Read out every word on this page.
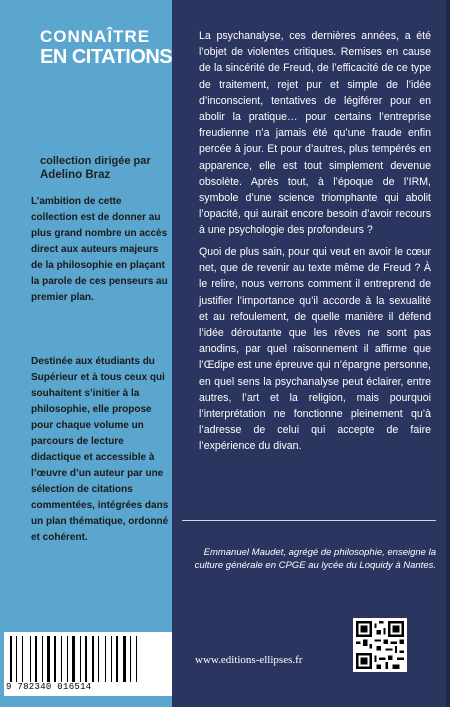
CONNAÎTRE
EN CITATIONS
collection dirigée par
Adelino Braz
L’ambition de cette collection est de donner au plus grand nombre un accès direct aux auteurs majeurs de la philosophie en plaçant la parole de ces penseurs au premier plan.
Destinée aux étudiants du Supérieur et à tous ceux qui souhaitent s’initier à la philosophie, elle propose pour chaque volume un parcours de lecture didactique et accessible à l’œuvre d’un auteur par une sélection de citations commentées, intégrées dans un plan thématique, ordonné et cohérent.
9 782340 016514
La psychanalyse, ces dernières années, a été l’objet de violentes critiques. Remises en cause de la sincérité de Freud, de l’efficacité de ce type de traitement, rejet pur et simple de l’idée d’inconscient, tentatives de légiférer pour en abolir la pratique… pour certains l’entreprise freudienne n’a jamais été qu’une fraude enfin percée à jour. Et pour d’autres, plus tempérés en apparence, elle est tout simplement devenue obsolète. Après tout, à l’époque de l’IRM, symbole d’une science triomphante qui abolit l’opacité, qui aurait encore besoin d’avoir recours à une psychologie des profondeurs ?
Quoi de plus sain, pour qui veut en avoir le cœur net, que de revenir au texte même de Freud ? À le relire, nous verrons comment il entreprend de justifier l’importance qu’il accorde à la sexualité et au refoulement, de quelle manière il défend l’idée déroutante que les rêves ne sont pas anodins, par quel raisonnement il affirme que l’Œdipe est une épreuve qui n’épargne personne, en quel sens la psychanalyse peut éclairer, entre autres, l’art et la religion, mais pourquoi l’interprétation ne fonctionne pleinement qu’à l’adresse de celui qui accepte de faire l’expérience du divan.
Emmanuel Maudet, agrégé de philosophie, enseigne la culture générale en CPGE au lycée du Loquidy à Nantes.
www.editions-ellipses.fr
